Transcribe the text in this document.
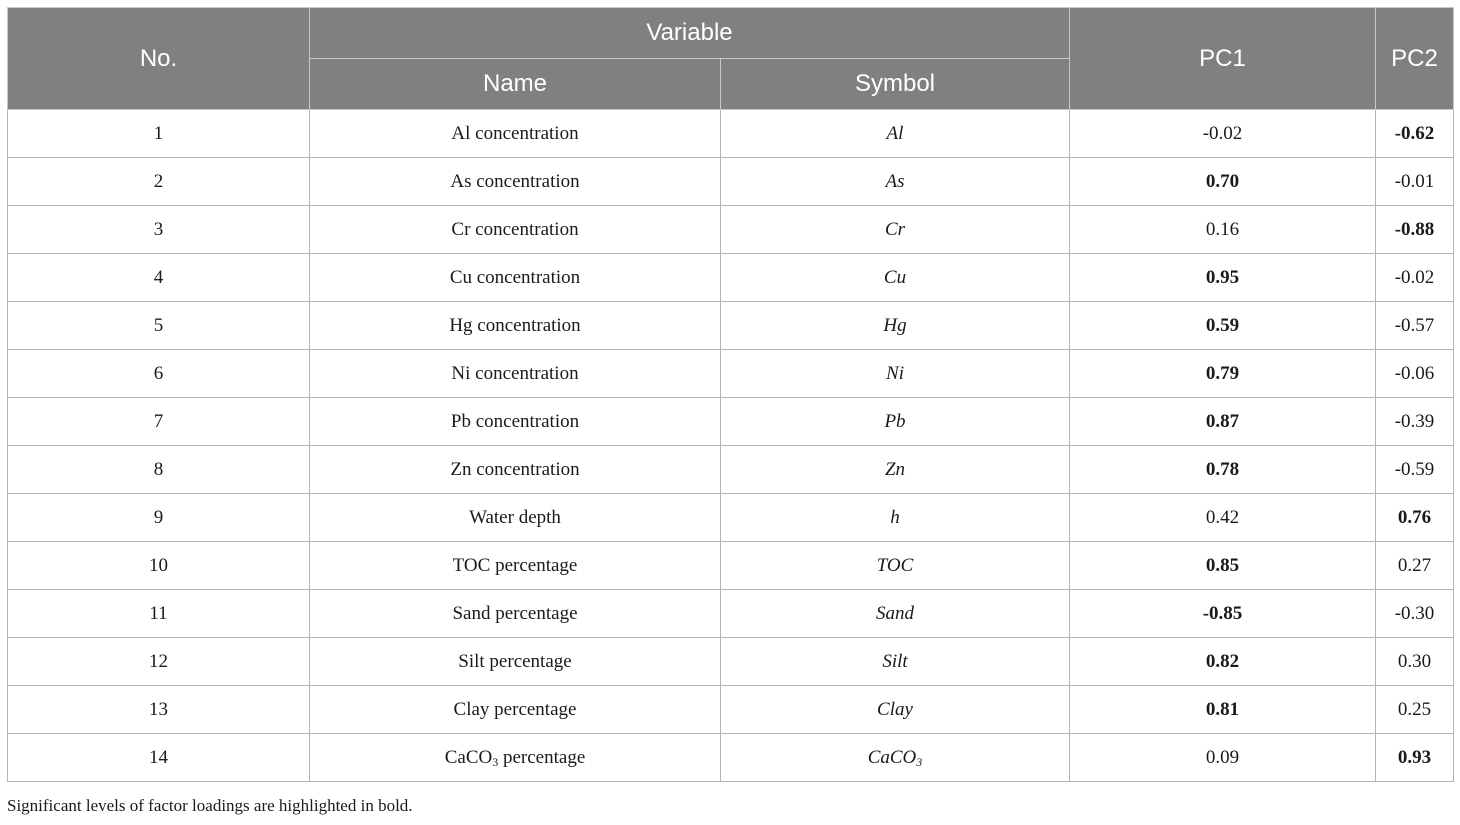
No.	Variable		PC1	PC2
	Name	Symbol		
1	Al concentration	Al	-0.02	-0.62
2	As concentration	As	0.70	-0.01
3	Cr concentration	Cr	0.16	-0.88
4	Cu concentration	Cu	0.95	-0.02
5	Hg concentration	Hg	0.59	-0.57
6	Ni concentration	Ni	0.79	-0.06
7	Pb concentration	Pb	0.87	-0.39
8	Zn concentration	Zn	0.78	-0.59
9	Water depth	h	0.42	0.76
10	TOC percentage	TOC	0.85	0.27
11	Sand percentage	Sand	-0.85	-0.30
12	Silt percentage	Silt	0.82	0.30
13	Clay percentage	Clay	0.81	0.25
14	CaCO$_3$ percentage	CaCO$_3$	0.09	0.93
Significant levels of factor loadings are highlighted in bold.
